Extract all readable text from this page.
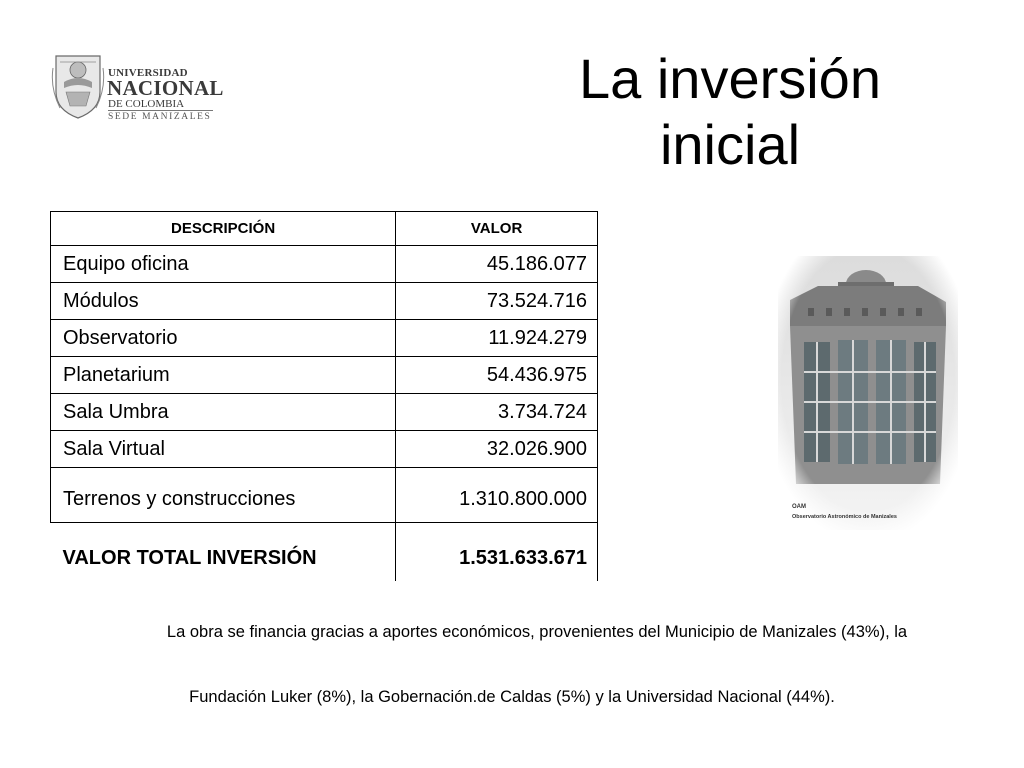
UNIVERSIDAD
NACIONAL
DE COLOMBIA
SEDE MANIZALES
La inversión
inicial
DESCRIPCIÓN	VALOR
Equipo oficina	45.186.077
Módulos	73.524.716
Observatorio	11.924.279
Planetarium	54.436.975
Sala Umbra	3.734.724
Sala Virtual	32.026.900
Terrenos y construcciones	1.310.800.000
VALOR TOTAL INVERSIÓN	1.531.633.671
OAM
Observatorio Astronómico de Manizales

La obra se financia gracias a aportes económicos, provenientes del Municipio de Manizales (43%), la

Fundación Luker (8%), la Gobernación.de Caldas (5%) y la Universidad Nacional (44%).
